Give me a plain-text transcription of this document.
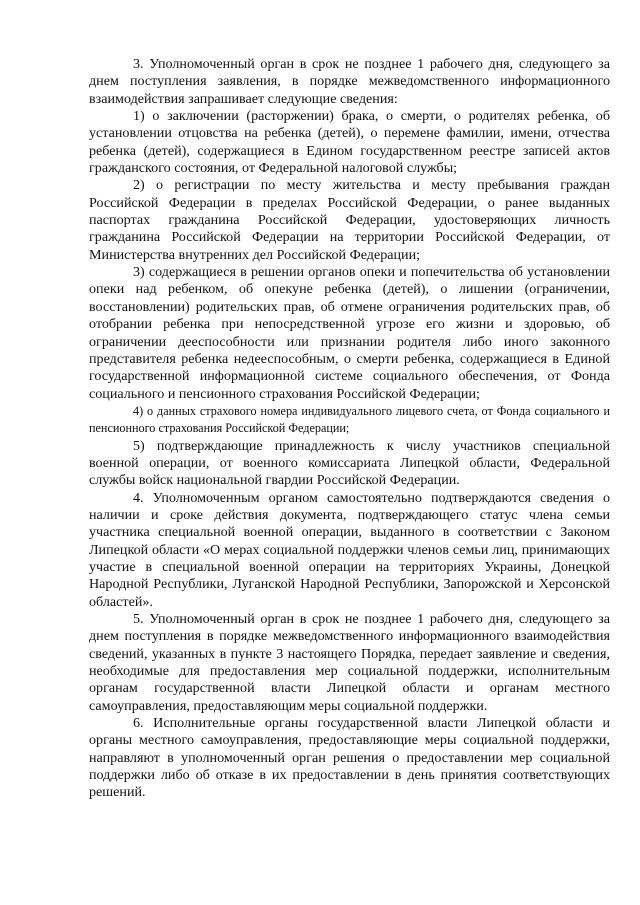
3. Уполномоченный орган в срок не позднее 1 рабочего дня, следующего за днем поступления заявления, в порядке межведомственного информационного взаимодействия запрашивает следующие сведения:

1) о заключении (расторжении) брака, о смерти, о родителях ребенка, об установлении отцовства на ребенка (детей), о перемене фамилии, имени, отчества ребенка (детей), содержащиеся в Едином государственном реестре записей актов гражданского состояния, от Федеральной налоговой службы;

2) о регистрации по месту жительства и месту пребывания граждан Российской Федерации в пределах Российской Федерации, о ранее выданных паспортах гражданина Российской Федерации, удостоверяющих личность гражданина Российской Федерации на территории Российской Федерации, от Министерства внутренних дел Российской Федерации;

3) содержащиеся в решении органов опеки и попечительства об установлении опеки над ребенком, об опекуне ребенка (детей), о лишении (ограничении, восстановлении) родительских прав, об отмене ограничения родительских прав, об отобрании ребенка при непосредственной угрозе его жизни и здоровью, об ограничении дееспособности или признании родителя либо иного законного представителя ребенка недееспособным, о смерти ребенка, содержащиеся в Единой государственной информационной системе социального обеспечения, от Фонда социального и пенсионного страхования Российской Федерации;

4) о данных страхового номера индивидуального лицевого счета, от Фонда социального и пенсионного страхования Российской Федерации;

5) подтверждающие принадлежность к числу участников специальной военной операции, от военного комиссариата Липецкой области, Федеральной службы войск национальной гвардии Российской Федерации.

4. Уполномоченным органом самостоятельно подтверждаются сведения о наличии и сроке действия документа, подтверждающего статус члена семьи участника специальной военной операции, выданного в соответствии с Законом Липецкой области «О мерах социальной поддержки членов семьи лиц, принимающих участие в специальной военной операции на территориях Украины, Донецкой Народной Республики, Луганской Народной Республики, Запорожской и Херсонской областей».

5. Уполномоченный орган в срок не позднее 1 рабочего дня, следующего за днем поступления в порядке межведомственного информационного взаимодействия сведений, указанных в пункте 3 настоящего Порядка, передает заявление и сведения, необходимые для предоставления мер социальной поддержки, исполнительным органам государственной власти Липецкой области и органам местного самоуправления, предоставляющим меры социальной поддержки.

6. Исполнительные органы государственной власти Липецкой области и органы местного самоуправления, предоставляющие меры социальной поддержки, направляют в уполномоченный орган решения о предоставлении мер социальной поддержки либо об отказе в их предоставлении в день принятия соответствующих решений.
